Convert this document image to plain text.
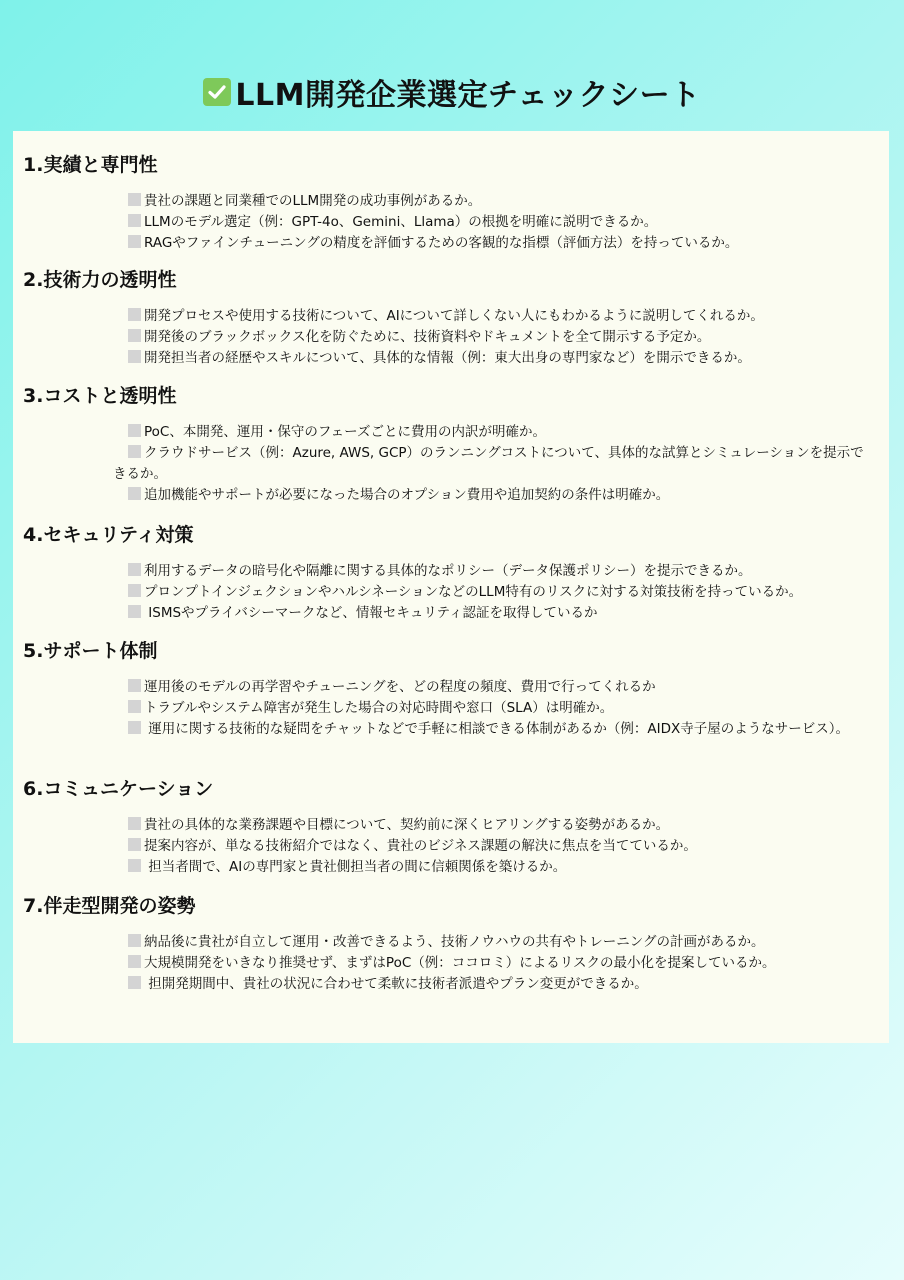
LLM開発企業選定チェックシート
1.実績と専門性
貴社の課題と同業種でのLLM開発の成功事例があるか。
LLMのモデル選定（例：GPT-4o、Gemini、Llama）の根拠を明確に説明できるか。
RAGやファインチューニングの精度を評価するための客観的な指標（評価方法）を持っているか。
2.技術力の透明性
開発プロセスや使用する技術について、AIについて詳しくない人にもわかるように説明してくれるか。
開発後のブラックボックス化を防ぐために、技術資料やドキュメントを全て開示する予定か。
開発担当者の経歴やスキルについて、具体的な情報（例：東大出身の専門家など）を開示できるか。
3.コストと透明性
PoC、本開発、運用・保守のフェーズごとに費用の内訳が明確か。
クラウドサービス（例：Azure, AWS, GCP）のランニングコストについて、具体的な試算とシミュレーションを提示できるか。
追加機能やサポートが必要になった場合のオプション費用や追加契約の条件は明確か。
4.セキュリティ対策
利用するデータの暗号化や隔離に関する具体的なポリシー（データ保護ポリシー）を提示できるか。
プロンプトインジェクションやハルシネーションなどのLLM特有のリスクに対する対策技術を持っているか。
ISMSやプライバシーマークなど、情報セキュリティ認証を取得しているか
5.サポート体制
運用後のモデルの再学習やチューニングを、どの程度の頻度、費用で行ってくれるか
トラブルやシステム障害が発生した場合の対応時間や窓口（SLA）は明確か。
運用に関する技術的な疑問をチャットなどで手軽に相談できる体制があるか（例：AIDX寺子屋のようなサービス）。
6.コミュニケーション
貴社の具体的な業務課題や目標について、契約前に深くヒアリングする姿勢があるか。
提案内容が、単なる技術紹介ではなく、貴社のビジネス課題の解決に焦点を当てているか。
担当者間で、AIの専門家と貴社側担当者の間に信頼関係を築けるか。
7.伴走型開発の姿勢
納品後に貴社が自立して運用・改善できるよう、技術ノウハウの共有やトレーニングの計画があるか。
大規模開発をいきなり推奨せず、まずはPoC（例：ココロミ）によるリスクの最小化を提案しているか。
担開発期間中、貴社の状況に合わせて柔軟に技術者派遣やプラン変更ができるか。
